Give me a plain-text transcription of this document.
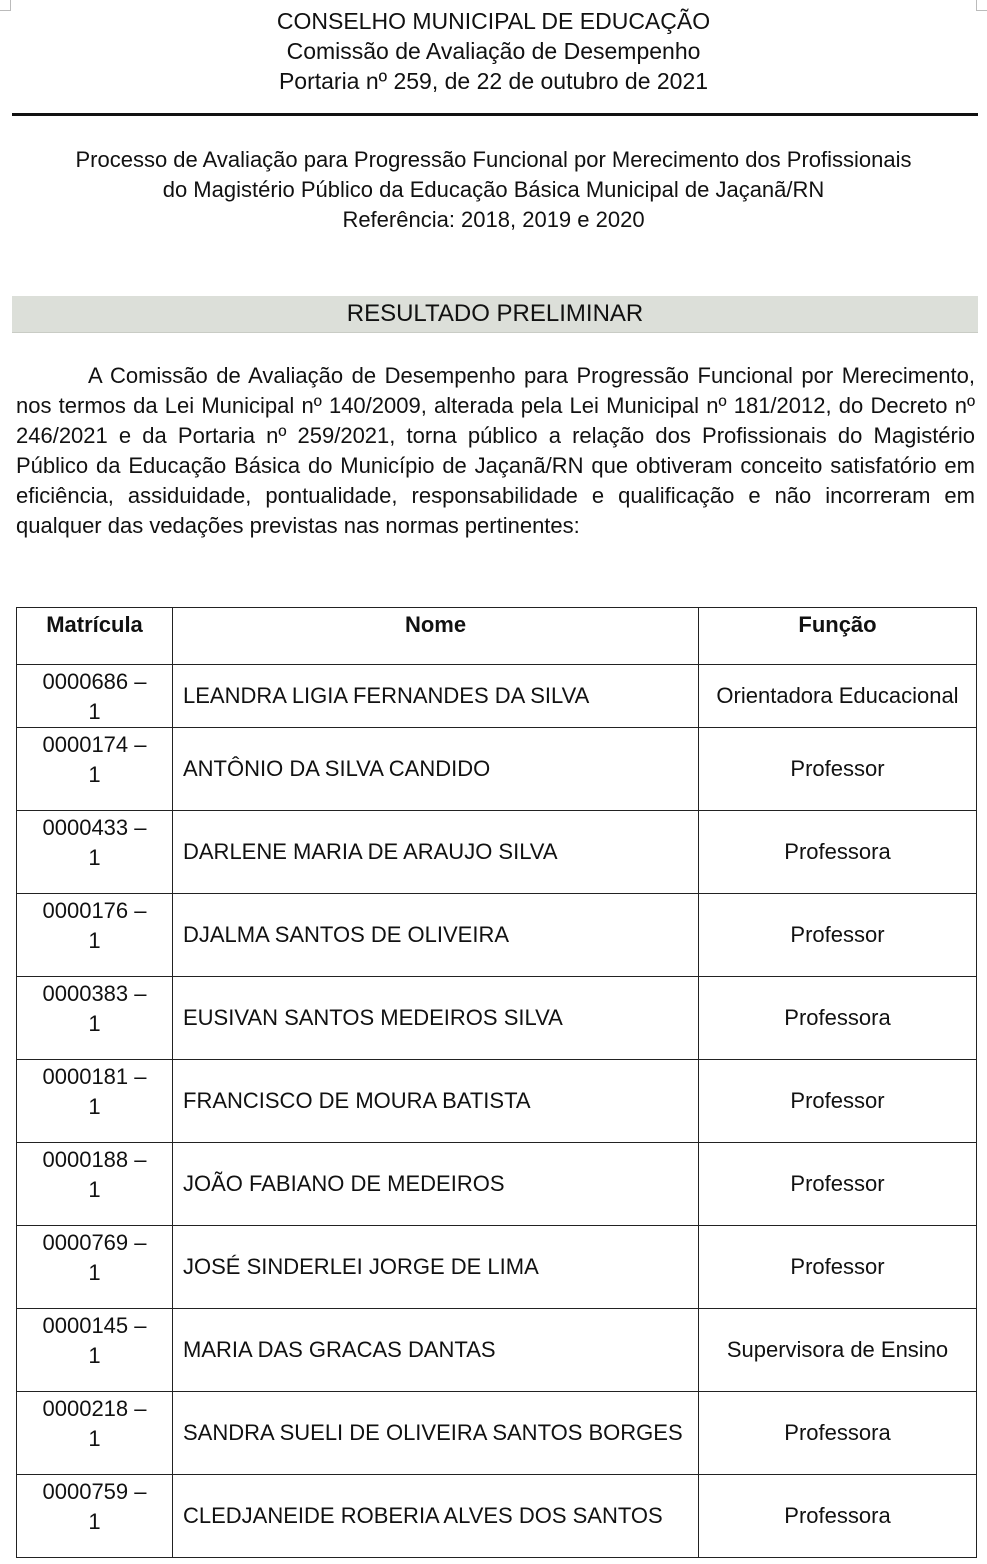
CONSELHO MUNICIPAL DE EDUCAÇÃO
Comissão de Avaliação de Desempenho
Portaria nº 259, de 22 de outubro de 2021
Processo de Avaliação para Progressão Funcional por Merecimento dos Profissionais
do Magistério Público da Educação Básica Municipal de Jaçanã/RN
Referência: 2018, 2019 e 2020
RESULTADO PRELIMINAR

A Comissão de Avaliação de Desempenho para Progressão Funcional por Merecimento, nos termos da Lei Municipal nº 140/2009, alterada pela Lei Municipal nº 181/2012, do Decreto nº 246/2021 e da Portaria nº 259/2021, torna público a relação dos Profissionais do Magistério Público da Educação Básica do Município de Jaçanã/RN que obtiveram conceito satisfatório em eficiência, assiduidade, pontualidade, responsabilidade e qualificação e não incorreram em qualquer das vedações previstas nas normas pertinentes:

Matrícula	Nome	Função
0000686 –
1	LEANDRA LIGIA FERNANDES DA SILVA	Orientadora Educacional
0000174 –
1	ANTÔNIO DA SILVA CANDIDO	Professor
0000433 –
1	DARLENE MARIA DE ARAUJO SILVA	Professora
0000176 –
1	DJALMA SANTOS DE OLIVEIRA	Professor
0000383 –
1	EUSIVAN SANTOS MEDEIROS SILVA	Professora
0000181 –
1	FRANCISCO DE MOURA BATISTA	Professor
0000188 –
1	JOÃO FABIANO DE MEDEIROS	Professor
0000769 –
1	JOSÉ SINDERLEI JORGE DE LIMA	Professor
0000145 –
1	MARIA DAS GRACAS DANTAS	Supervisora de Ensino
0000218 –
1	SANDRA SUELI DE OLIVEIRA SANTOS BORGES	Professora
0000759 –
1	CLEDJANEIDE ROBERIA ALVES DOS SANTOS	Professora
